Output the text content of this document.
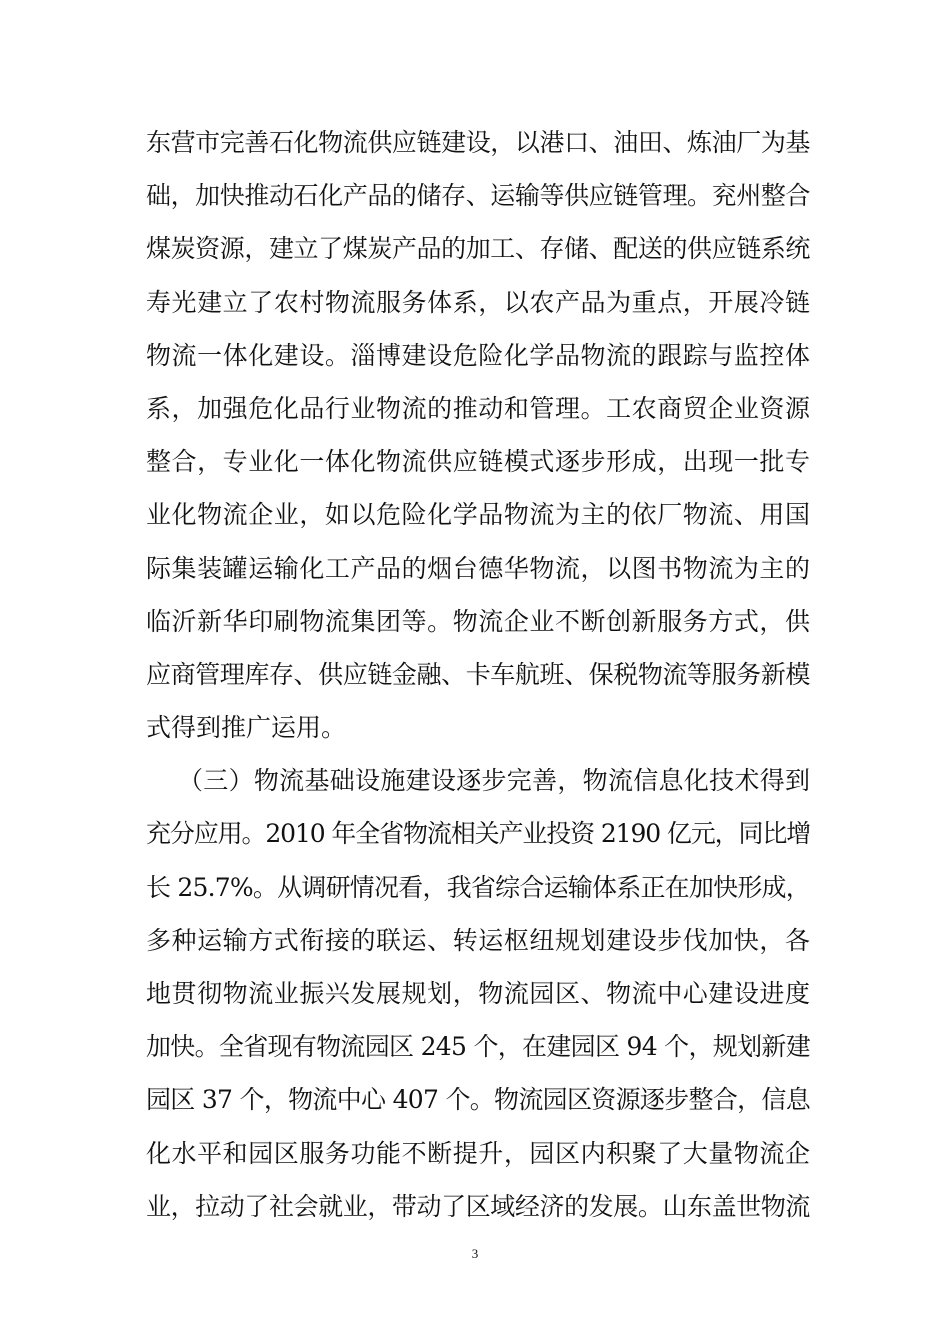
东营市完善石化物流供应链建设，以港口、油田、炼油厂为基
础，加快推动石化产品的储存、运输等供应链管理。兖州整合
煤炭资源，建立了煤炭产品的加工、存储、配送的供应链系统
寿光建立了农村物流服务体系，以农产品为重点，开展冷链
物流一体化建设。淄博建设危险化学品物流的跟踪与监控体
系，加强危化品行业物流的推动和管理。工农商贸企业资源
整合，专业化一体化物流供应链模式逐步形成，出现一批专
业化物流企业，如以危险化学品物流为主的依厂物流、用国
际集装罐运输化工产品的烟台德华物流，以图书物流为主的
临沂新华印刷物流集团等。物流企业不断创新服务方式，供
应商管理库存、供应链金融、卡车航班、保税物流等服务新模
式得到推广运用。
（三）物流基础设施建设逐步完善，物流信息化技术得到
充分应用。2010 年全省物流相关产业投资 2190 亿元，同比增
长 25.7%。从调研情况看，我省综合运输体系正在加快形成，
多种运输方式衔接的联运、转运枢纽规划建设步伐加快，各
地贯彻物流业振兴发展规划，物流园区、物流中心建设进度
加快。全省现有物流园区 245 个，在建园区 94 个，规划新建
园区 37 个，物流中心 407 个。物流园区资源逐步整合，信息
化水平和园区服务功能不断提升，园区内积聚了大量物流企
业，拉动了社会就业，带动了区域经济的发展。山东盖世物流
3
